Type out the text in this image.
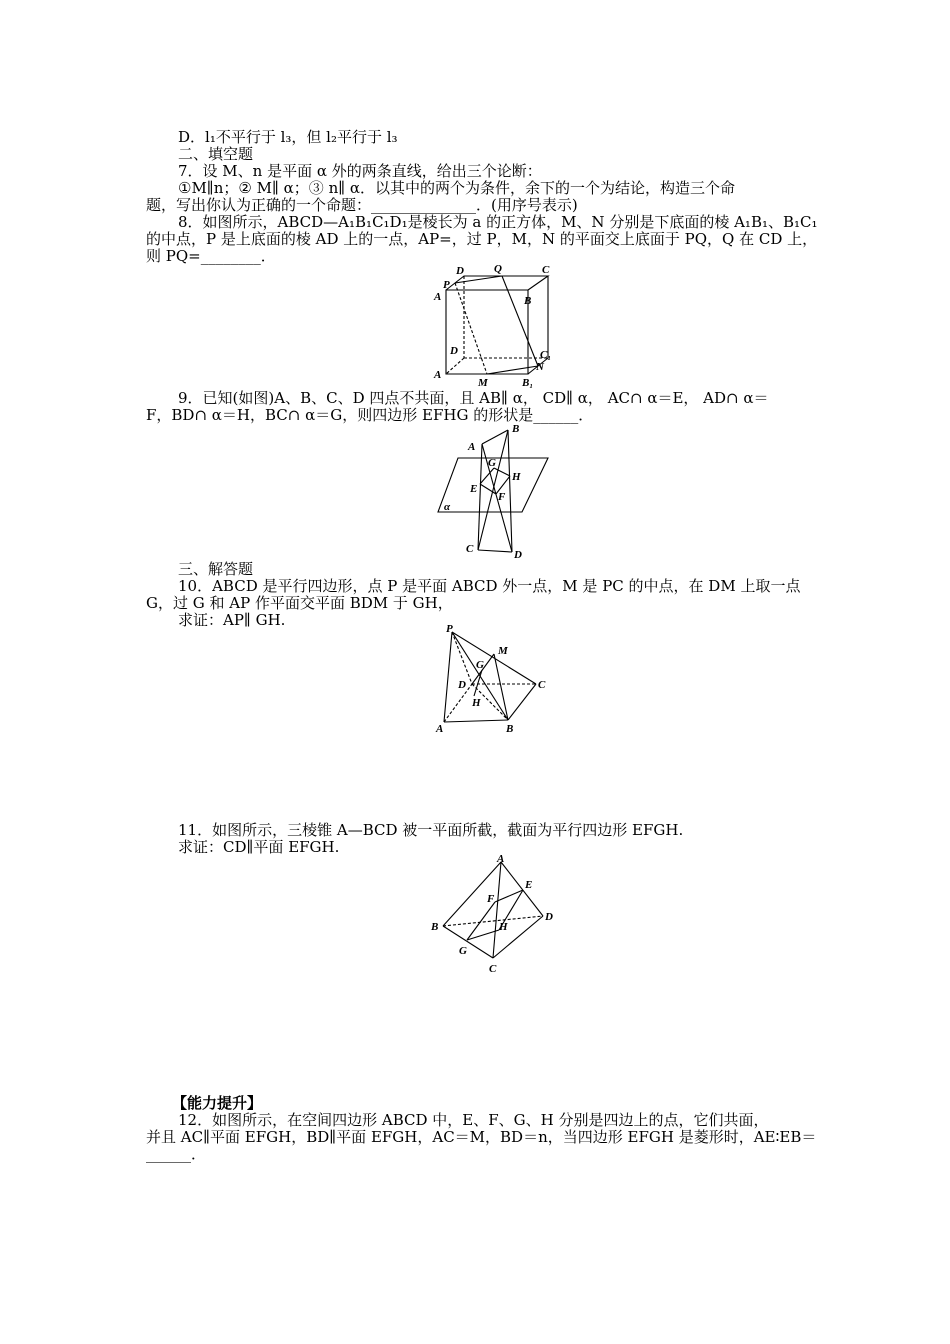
D．l₁不平行于 l₃，但 l₂平行于 l₃
二、填空题
7．设 M、n 是平面 α 外的两条直线，给出三个论断：
①M∥n；② M∥ α；③ n∥ α．以其中的两个为条件，余下的一个为结论，构造三个命
题，写出你认为正确的一个命题：______________．(用序号表示)
8．如图所示，ABCD—A₁B₁C₁D₁是棱长为 a 的正方体，M、N 分别是下底面的棱 A₁B₁、B₁C₁
的中点，P 是上底面的棱 AD 上的一点，AP=，过 P，M，N 的平面交上底面于 PQ，Q 在 CD 上，
则 PQ=________．
D	Q	C
P
A	B
D	C₁
N
A
M	B₁
9．已知(如图)A、B、C、D 四点不共面，且 AB∥ α， CD∥ α， AC∩ α＝E， AD∩ α＝
F，BD∩ α＝H，BC∩ α＝G，则四边形 EFHG 的形状是______．
A
B
G
H
E
F
α
C	D
三、解答题
10．ABCD 是平行四边形，点 P 是平面 ABCD 外一点，M 是 PC 的中点，在 DM 上取一点
G，过 G 和 AP 作平面交平面 BDM 于 GH，
求证：AP∥ GH.	P
M
G
D	C
H
A	B
11．如图所示，三棱锥 A—BCD 被一平面所截，截面为平行四边形 EFGH.
求证：CD∥平面 EFGH.
A
E
F
B
D
H
G
C
【能力提升】
12．如图所示，在空间四边形 ABCD 中，E、F、G、H 分别是四边上的点，它们共面，
并且 AC∥平面 EFGH，BD∥平面 EFGH，AC＝M，BD＝n，当四边形 EFGH 是菱形时，AE∶EB＝
______．
